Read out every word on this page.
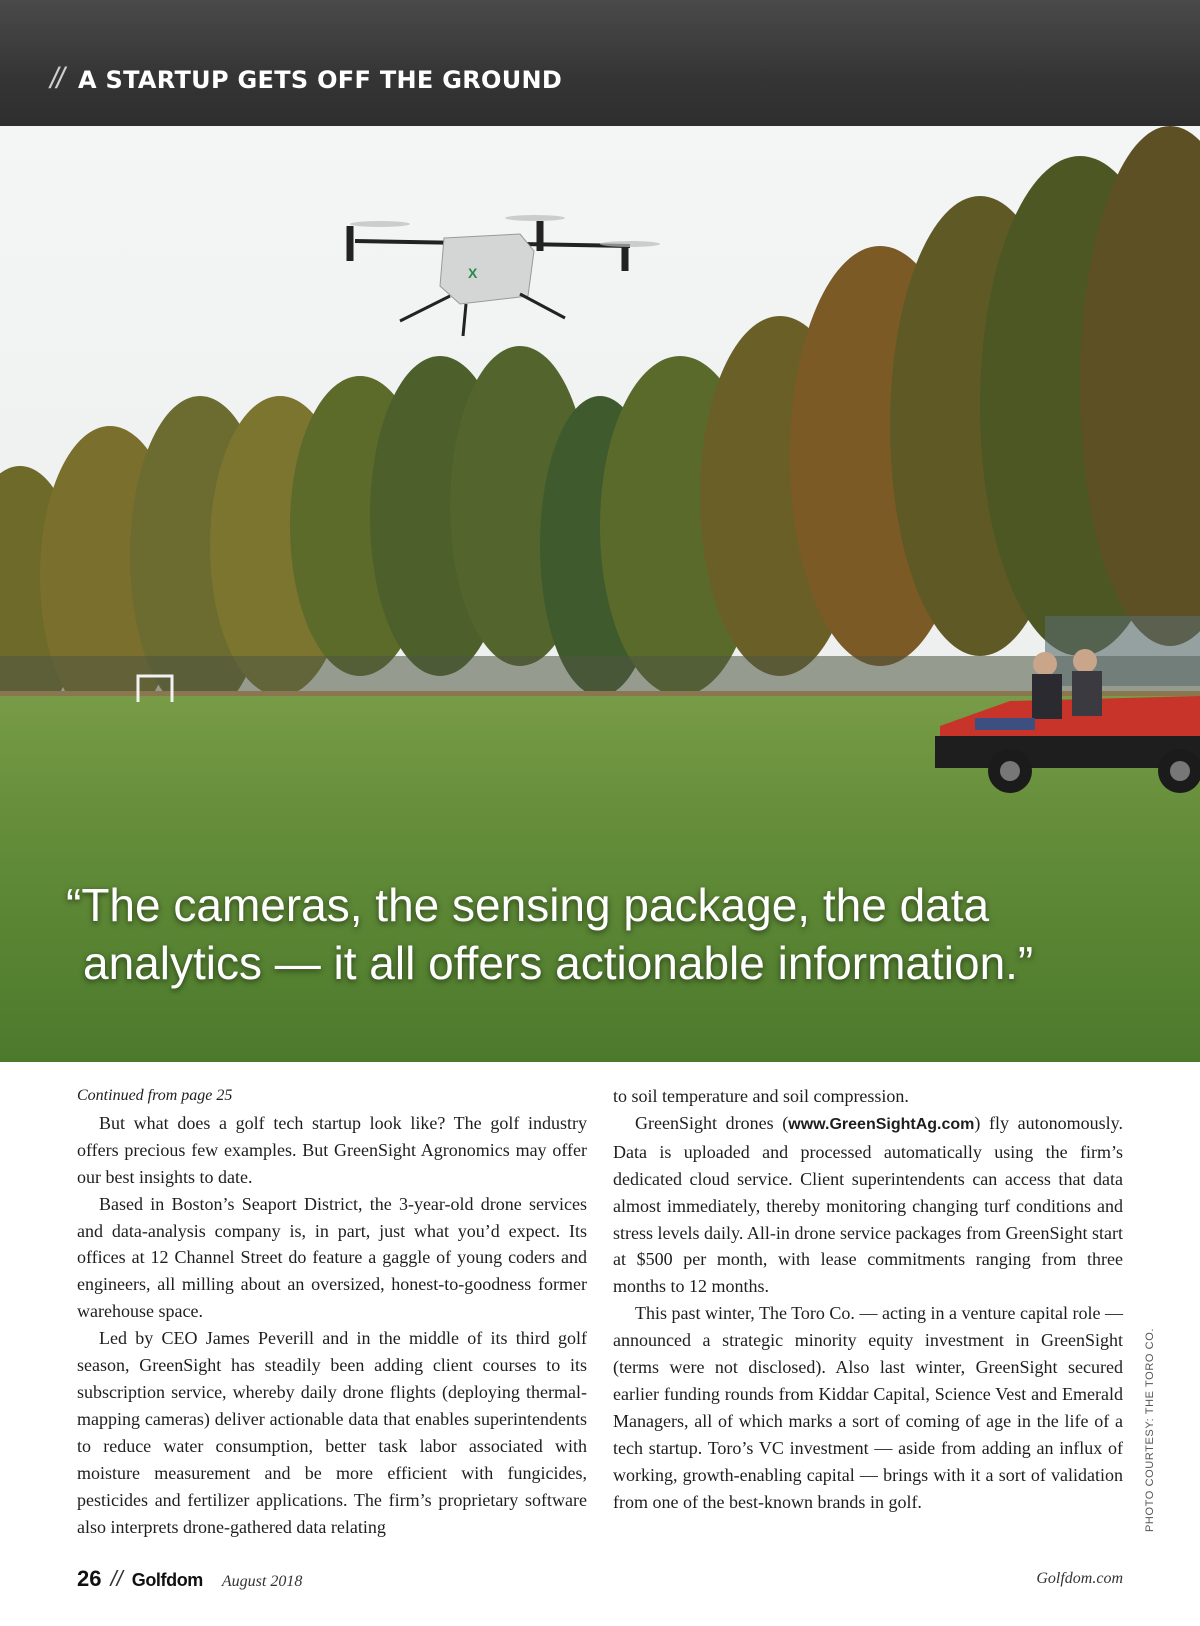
// A STARTUP GETS OFF THE GROUND
X
“The cameras, the sensing package, the data
analytics — it all offers actionable information.”

Continued from page 25

But what does a golf tech startup look like? The golf industry offers precious few examples. But GreenSight Agronomics may offer our best insights to date.

Based in Boston’s Seaport District, the 3-year-old drone services and data-analysis company is, in part, just what you’d expect. Its offices at 12 Channel Street do feature a gaggle of young coders and engineers, all milling about an oversized, honest-to-goodness former warehouse space.

Led by CEO James Peverill and in the middle of its third golf season, GreenSight has steadily been adding client courses to its subscription service, whereby daily drone flights (deploying thermal-mapping cameras) deliver actionable data that enables superintendents to reduce water consumption, better task labor associated with moisture measurement and be more efficient with fungicides, pesticides and fertilizer applications. The firm’s proprietary software also interprets drone-gathered data relating

to soil temperature and soil compression.

GreenSight drones (www.GreenSightAg.com) fly autonomously. Data is uploaded and processed automatically using the firm’s dedicated cloud service. Client superintendents can access that data almost immediately, thereby monitoring changing turf conditions and stress levels daily. All-in drone service packages from GreenSight start at $500 per month, with lease commitments ranging from three months to 12 months.

This past winter, The Toro Co. — acting in a venture capital role — announced a strategic minority equity investment in GreenSight (terms were not disclosed). Also last winter, GreenSight secured earlier funding rounds from Kiddar Capital, Science Vest and Emerald Managers, all of which marks a sort of coming of age in the life of a tech startup. Toro’s VC investment — aside from adding an influx of working, growth-enabling capital — brings with it a sort of validation from one of the best-known brands in golf.	PHOTO COURTESY: THE TORO CO.
26 // Golfdom August 2018	Golfdom.com
